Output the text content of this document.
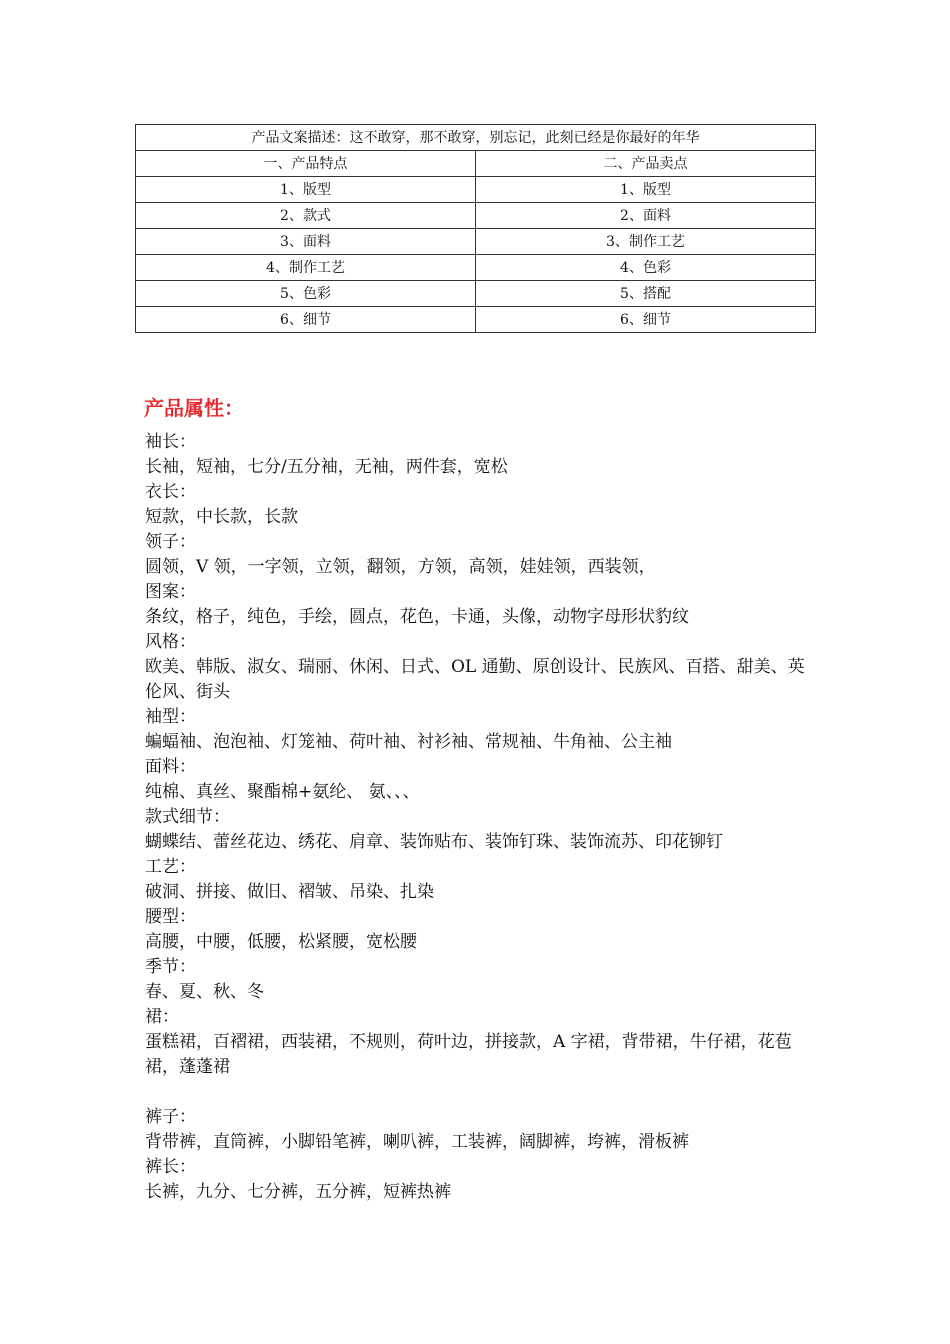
产品文案描述：这不敢穿，那不敢穿，别忘记，此刻已经是你最好的年华	
一、产品特点	二、产品卖点
1、版型	1、版型
2、款式	2、面料
3、面料	3、制作工艺
4、制作工艺	4、色彩
5、色彩	5、搭配
6、细节	6、细节
产品属性：
袖长：
长袖，短袖，七分/五分袖，无袖，两件套，宽松
衣长：
短款，中长款，长款
领子：
圆领，V 领，一字领，立领，翻领，方领，高领，娃娃领，西装领，
图案：
条纹，格子，纯色，手绘，圆点，花色，卡通，头像，动物字母形状豹纹
风格：
欧美、韩版、淑女、瑞丽、休闲、日式、OL 通勤、原创设计、民族风、百搭、甜美、英伦风、街头
袖型：
蝙蝠袖、泡泡袖、灯笼袖、荷叶袖、衬衫袖、常规袖、牛角袖、公主袖
面料：
纯棉、真丝、聚酯棉+氨纶、 氨、、、
款式细节：
蝴蝶结、蕾丝花边、绣花、肩章、装饰贴布、装饰钉珠、装饰流苏、印花铆钉
工艺：
破洞、拼接、做旧、褶皱、吊染、扎染
腰型：
高腰，中腰，低腰，松紧腰，宽松腰
季节：
春、夏、秋、冬
裙：
蛋糕裙，百褶裙，西装裙，不规则，荷叶边，拼接款，A 字裙，背带裙，牛仔裙，花苞裙，蓬蓬裙
裤子：
背带裤，直筒裤，小脚铅笔裤，喇叭裤，工装裤，阔脚裤，垮裤，滑板裤
裤长：
长裤，九分、七分裤，五分裤，短裤热裤
